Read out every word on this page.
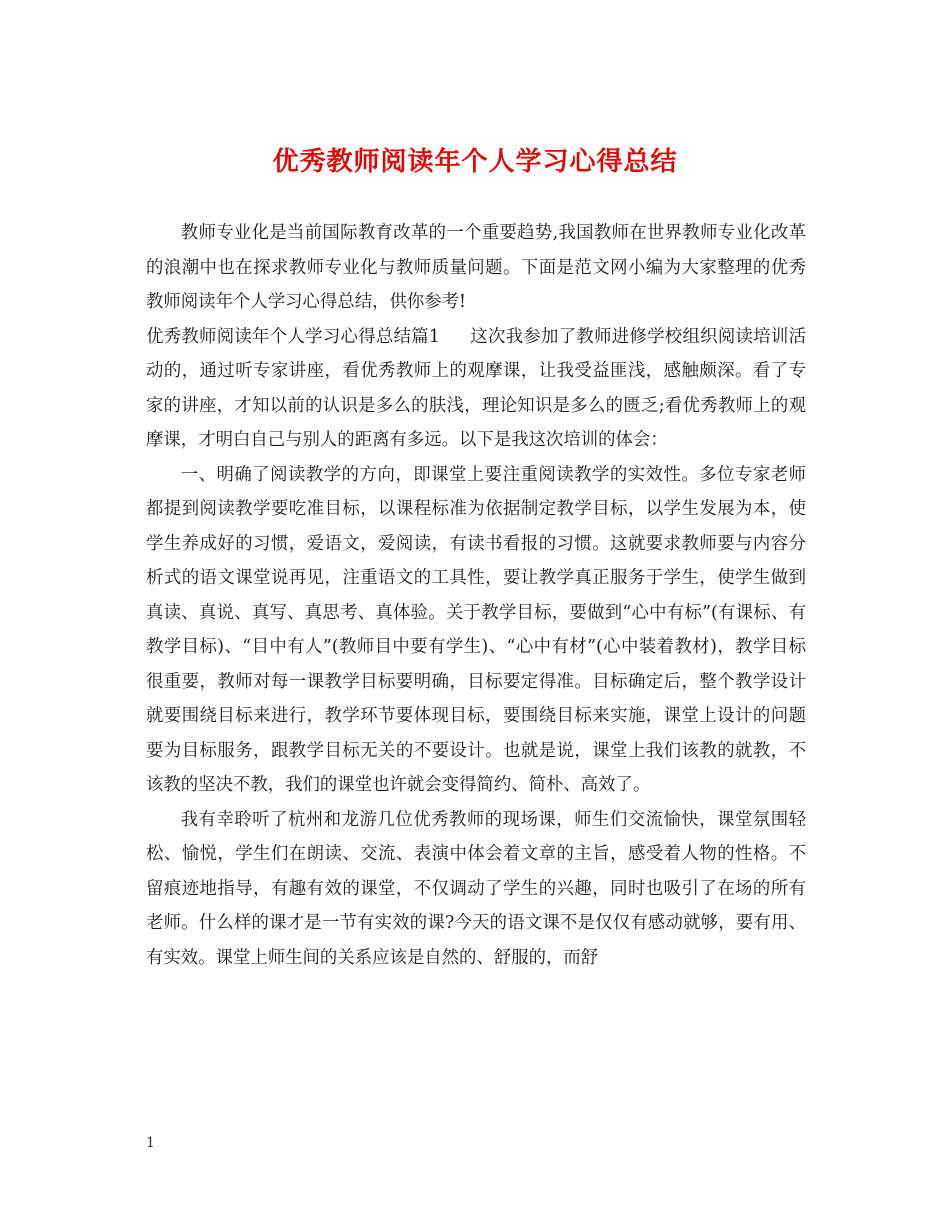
优秀教师阅读年个人学习心得总结

教师专业化是当前国际教育改革的一个重要趋势,我国教师在世界教师专业化改革的浪潮中也在探求教师专业化与教师质量问题。下面是范文网小编为大家整理的优秀教师阅读年个人学习心得总结，供你参考!

优秀教师阅读年个人学习心得总结篇1 这次我参加了教师进修学校组织阅读培训活动的，通过听专家讲座，看优秀教师上的观摩课，让我受益匪浅，感触颇深。看了专家的讲座，才知以前的认识是多么的肤浅，理论知识是多么的匮乏;看优秀教师上的观摩课，才明白自己与别人的距离有多远。以下是我这次培训的体会：

一、明确了阅读教学的方向，即课堂上要注重阅读教学的实效性。多位专家老师都提到阅读教学要吃准目标，以课程标准为依据制定教学目标，以学生发展为本，使学生养成好的习惯，爱语文，爱阅读，有读书看报的习惯。这就要求教师要与内容分析式的语文课堂说再见，注重语文的工具性，要让教学真正服务于学生，使学生做到真读、真说、真写、真思考、真体验。关于教学目标，要做到“心中有标”(有课标、有教学目标)、“目中有人”(教师目中要有学生)、“心中有材”(心中装着教材)，教学目标很重要，教师对每一课教学目标要明确，目标要定得准。目标确定后，整个教学设计就要围绕目标来进行，教学环节要体现目标，要围绕目标来实施，课堂上设计的问题要为目标服务，跟教学目标无关的不要设计。也就是说，课堂上我们该教的就教，不该教的坚决不教，我们的课堂也许就会变得简约、简朴、高效了。

我有幸聆听了杭州和龙游几位优秀教师的现场课，师生们交流愉快，课堂氛围轻松、愉悦，学生们在朗读、交流、表演中体会着文章的主旨，感受着人物的性格。不留痕迹地指导，有趣有效的课堂，不仅调动了学生的兴趣，同时也吸引了在场的所有老师。什么样的课才是一节有实效的课?今天的语文课不是仅仅有感动就够，要有用、有实效。课堂上师生间的关系应该是自然的、舒服的，而舒

1
